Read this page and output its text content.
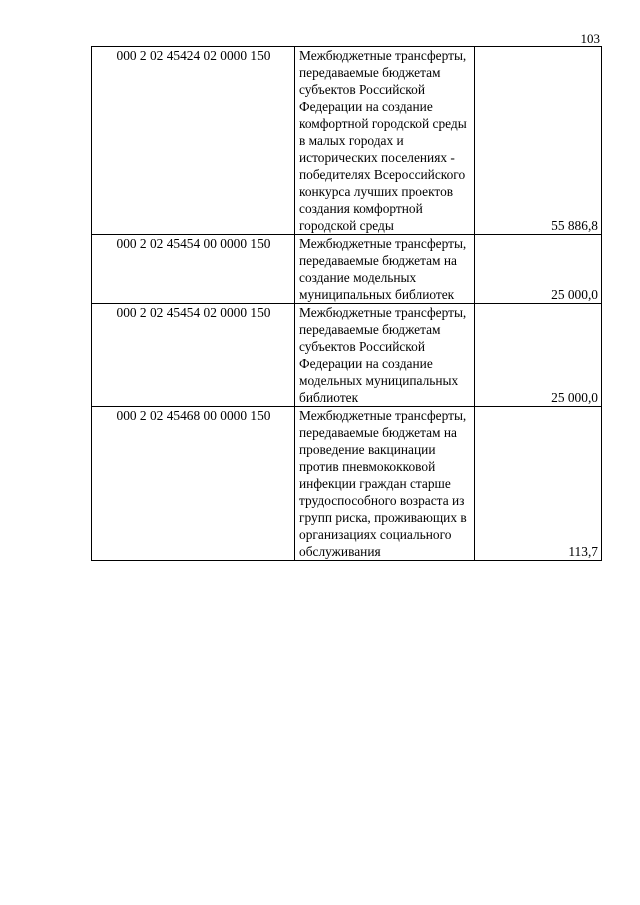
103
000 2 02 45424 02 0000 150	Межбюджетные трансферты, передаваемые бюджетам субъектов Российской Федерации на создание комфортной городской среды в малых городах и исторических поселениях - победителях Всероссийского конкурса лучших проектов создания комфортной городской среды	55 886,8
000 2 02 45454 00 0000 150	Межбюджетные трансферты, передаваемые бюджетам на создание модельных муниципальных библиотек	25 000,0
000 2 02 45454 02 0000 150	Межбюджетные трансферты, передаваемые бюджетам субъектов Российской Федерации на создание модельных муниципальных библиотек	25 000,0
000 2 02 45468 00 0000 150	Межбюджетные трансферты, передаваемые бюджетам на проведение вакцинации против пневмококковой инфекции граждан старше трудоспособного возраста из групп риска, проживающих в организациях социального обслуживания	113,7
